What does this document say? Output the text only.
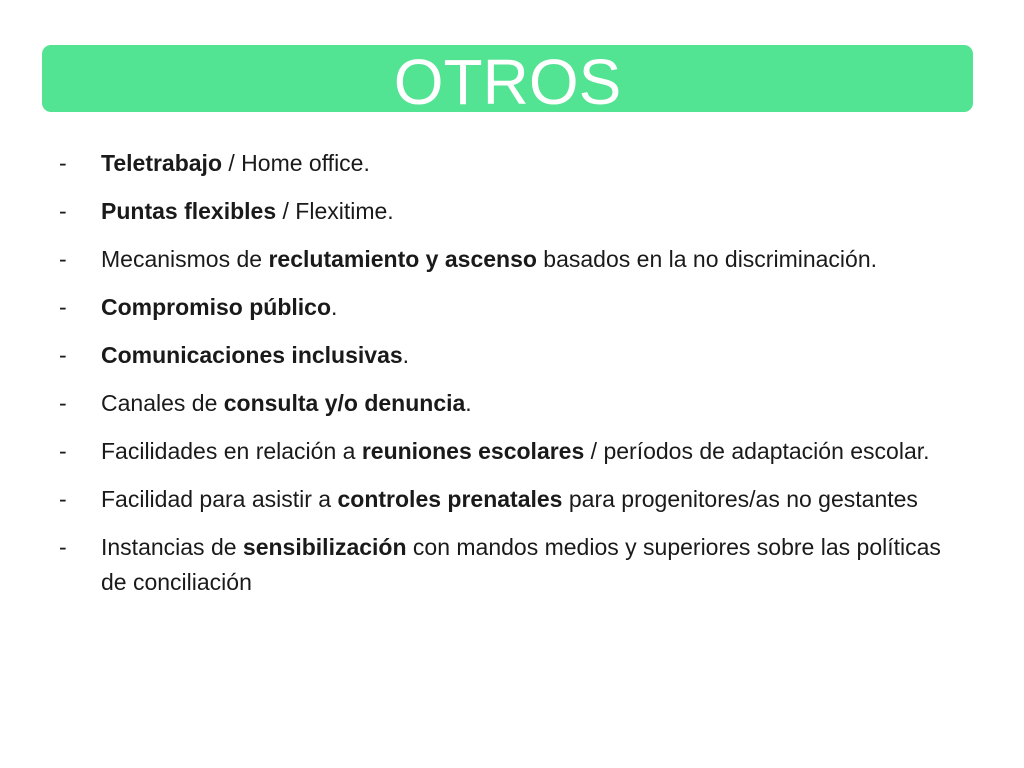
OTROS
-	Teletrabajo / Home office.
-	Puntas flexibles / Flexitime.
-	Mecanismos de reclutamiento y ascenso basados en la no discriminación.
-	Compromiso público.
-	Comunicaciones inclusivas.
-	Canales de consulta y/o denuncia.
-	Facilidades en relación a reuniones escolares / períodos de adaptación escolar.
-	Facilidad para asistir a controles prenatales para progenitores/as no gestantes
-	Instancias de sensibilización con mandos medios y superiores sobre las políticas de conciliación
